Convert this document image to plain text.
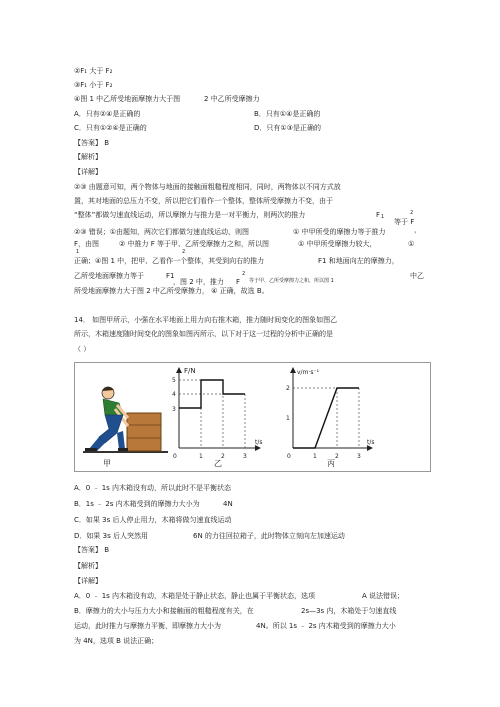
②F₁ 大于 F₂
③F₁ 小于 F₂
④图 1 中乙所受地面摩擦力大于图	2 中乙所受摩擦力
A．只有②④是正确的	B．只有①④是正确的
C．只有①②④是正确的	D．只有①③是正确的
【答案】 B
【解析】
【详解】
②③ 由题意可知，两个物体与地面的接触面粗糙程度相同，同时，两物体以不同方式放
置，其对地面的总压力不变，所以把它们看作一个整体，整体所受摩擦力不变，由于
“整体”都做匀速直线运动，所以摩擦力与推力是一对平衡力，则两次的推力	F	2
等于 F
1
，
②③ 错误；①由题知，两次它们都做匀速直线运动，则图	① 中甲所受的摩擦力等于推力
F，由图	② 中推力 F 等于甲、乙所受摩擦力之和，所以图	① 中甲所受摩擦力较大，	①
1	2
正确；④图 1 中，把甲、乙看作一个整体，其受到向右的推力	F1 和地面向左的摩擦力，
乙所受地面摩擦力等于	F1
，图 2 中，推力 F
2
等于甲、乙所受摩擦力之和，所以图 1
中乙
所受地面摩擦力大于图 2 中乙所受摩擦力， ④ 正确，故选 B。
14． 如图甲所示，小强在水平地面上用力向右推木箱，推力随时间变化的图象如图乙
所示，木箱速度随时间变化的图象如图丙所示，以下对于这一过程的分析中正确的是
（ ）
甲
F/N
t/s
0
5
4
3
1	2	3
乙
v/m·s⁻¹
t/s
0
2
1
1	2	3
丙
A．0 ﹣ 1s 内木箱没有动，所以此时不是平衡状态
B．1s ﹣ 2s 内木箱受到的摩擦力大小为	4N
C．如果 3s 后人停止用力，木箱将做匀速直线运动
D．如果 3s 后人突然用	6N 的力往回拉箱子，此时物体立刻向左加速运动
【答案】 B
【解析】
【详解】
A．0 ﹣ 1s 内木箱没有动，木箱是处于静止状态，静止也属于平衡状态，选项	A 说法错误；
B．摩擦力的大小与压力大小和接触面的粗糙程度有关，在	2s—3s 内，木箱处于匀速直线
运动，此时推力与摩擦力平衡，即摩擦力大小为	4N。所以 1s ﹣ 2s 内木箱受到的摩擦力大小
为 4N，选项 B 说法正确；
